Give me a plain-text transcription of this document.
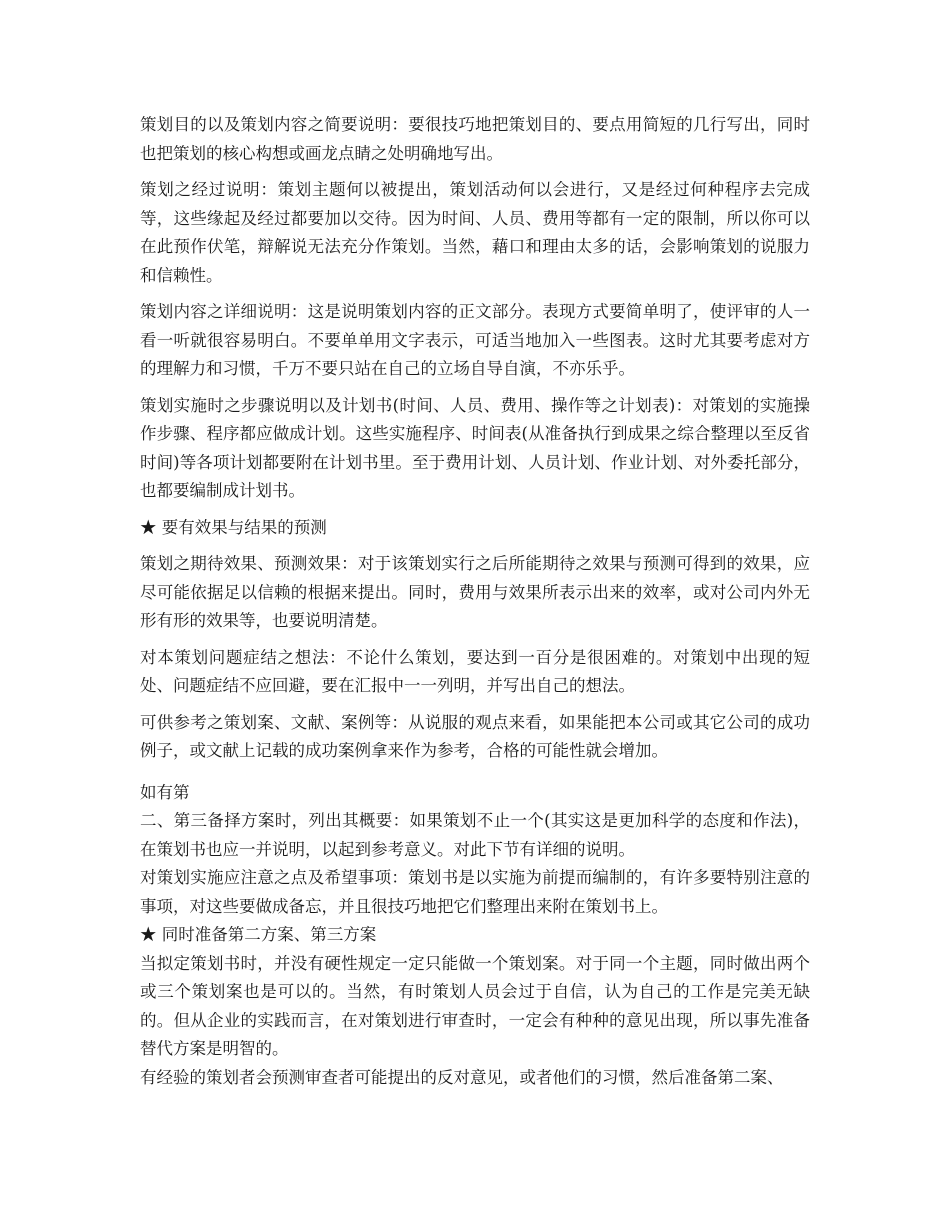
策划目的以及策划内容之简要说明：要很技巧地把策划目的、要点用简短的几行写出，同时也把策划的核心构想或画龙点睛之处明确地写出。

策划之经过说明：策划主题何以被提出，策划活动何以会进行，又是经过何种程序去完成等，这些缘起及经过都要加以交待。因为时间、人员、费用等都有一定的限制，所以你可以在此预作伏笔，辩解说无法充分作策划。当然，藉口和理由太多的话，会影响策划的说服力和信赖性。

策划内容之详细说明：这是说明策划内容的正文部分。表现方式要简单明了，使评审的人一看一听就很容易明白。不要单单用文字表示，可适当地加入一些图表。这时尤其要考虑对方的理解力和习惯，千万不要只站在自己的立场自导自演，不亦乐乎。

策划实施时之步骤说明以及计划书(时间、人员、费用、操作等之计划表)：对策划的实施操作步骤、程序都应做成计划。这些实施程序、时间表(从准备执行到成果之综合整理以至反省时间)等各项计划都要附在计划书里。至于费用计划、人员计划、作业计划、对外委托部分，也都要编制成计划书。

★ 要有效果与结果的预测

策划之期待效果、预测效果：对于该策划实行之后所能期待之效果与预测可得到的效果，应尽可能依据足以信赖的根据来提出。同时，费用与效果所表示出来的效率，或对公司内外无形有形的效果等，也要说明清楚。

对本策划问题症结之想法：不论什么策划，要达到一百分是很困难的。对策划中出现的短处、问题症结不应回避，要在汇报中一一列明，并写出自己的想法。

可供参考之策划案、文献、案例等：从说服的观点来看，如果能把本公司或其它公司的成功例子，或文献上记载的成功案例拿来作为参考，合格的可能性就会增加。

如有第

二、第三备择方案时，列出其概要：如果策划不止一个(其实这是更加科学的态度和作法)，在策划书也应一并说明，以起到参考意义。对此下节有详细的说明。

对策划实施应注意之点及希望事项：策划书是以实施为前提而编制的，有许多要特别注意的事项，对这些要做成备忘，并且很技巧地把它们整理出来附在策划书上。

★ 同时准备第二方案、第三方案

当拟定策划书时，并没有硬性规定一定只能做一个策划案。对于同一个主题，同时做出两个或三个策划案也是可以的。当然，有时策划人员会过于自信，认为自己的工作是完美无缺的。但从企业的实践而言，在对策划进行审查时，一定会有种种的意见出现，所以事先准备替代方案是明智的。

有经验的策划者会预测审查者可能提出的反对意见，或者他们的习惯，然后准备第二案、
